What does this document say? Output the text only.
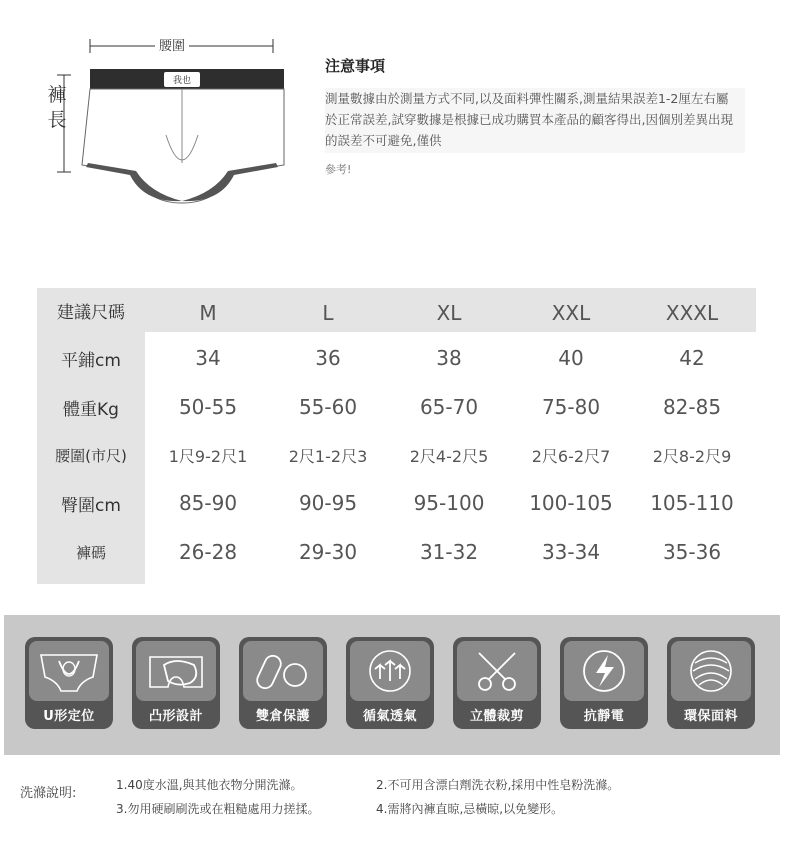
我也
腰圍
褲長
注意事項
測量數據由於測量方式不同,以及面料彈性關系,測量結果誤差1-2厘左右屬於正常誤差,試穿數據是根據已成功購買本產品的顧客得出,因個別差異出現的誤差不可避免,僅供
參考!
建議尺碼	M	L	XL	XXL	XXXL
平鋪cm	34	36	38	40	42
體重Kg	50-55	55-60	65-70	75-80	82-85
腰圍(市尺)	1尺9-2尺1	2尺1-2尺3	2尺4-2尺5	2尺6-2尺7	2尺8-2尺9
臀圍cm	85-90	90-95	95-100	100-105	105-110
褲碼	26-28	29-30	31-32	33-34	35-36
U形定位	凸形設計	雙倉保護	循氣透氣	立體裁剪	抗靜電	環保面料
洗滌說明:
1.40度水溫,與其他衣物分開洗滌。	2.不可用含漂白劑洗衣粉,採用中性皂粉洗滌。
3.勿用硬刷刷洗或在粗糙處用力搓揉。	4.需將內褲直晾,忌橫晾,以免變形。
